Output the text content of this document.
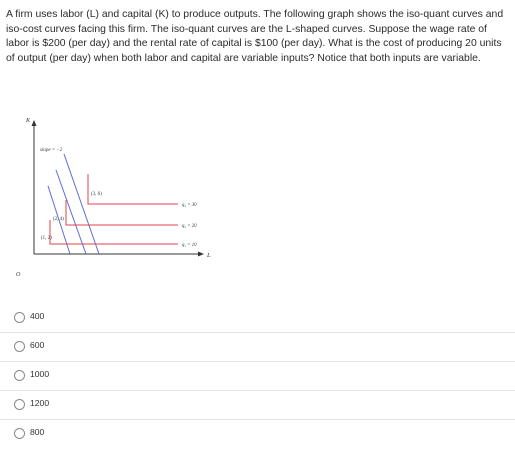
A firm uses labor (L) and capital (K) to produce outputs. The following graph shows the iso-quant curves and iso-cost curves facing this firm. The iso-quant curves are the L-shaped curves. Suppose the wage rate of labor is $200 (per day) and the rental rate of capital is $100 (per day). What is the cost of producing 20 units of output (per day) when both labor and capital are variable inputs? Notice that both inputs are variable.
K
L
O
slope = −2
(3, 6)
(2, 4)
(1, 2)
q₃ = 30
q₂ = 20
q₁ = 10
400
600
1000
1200
800
